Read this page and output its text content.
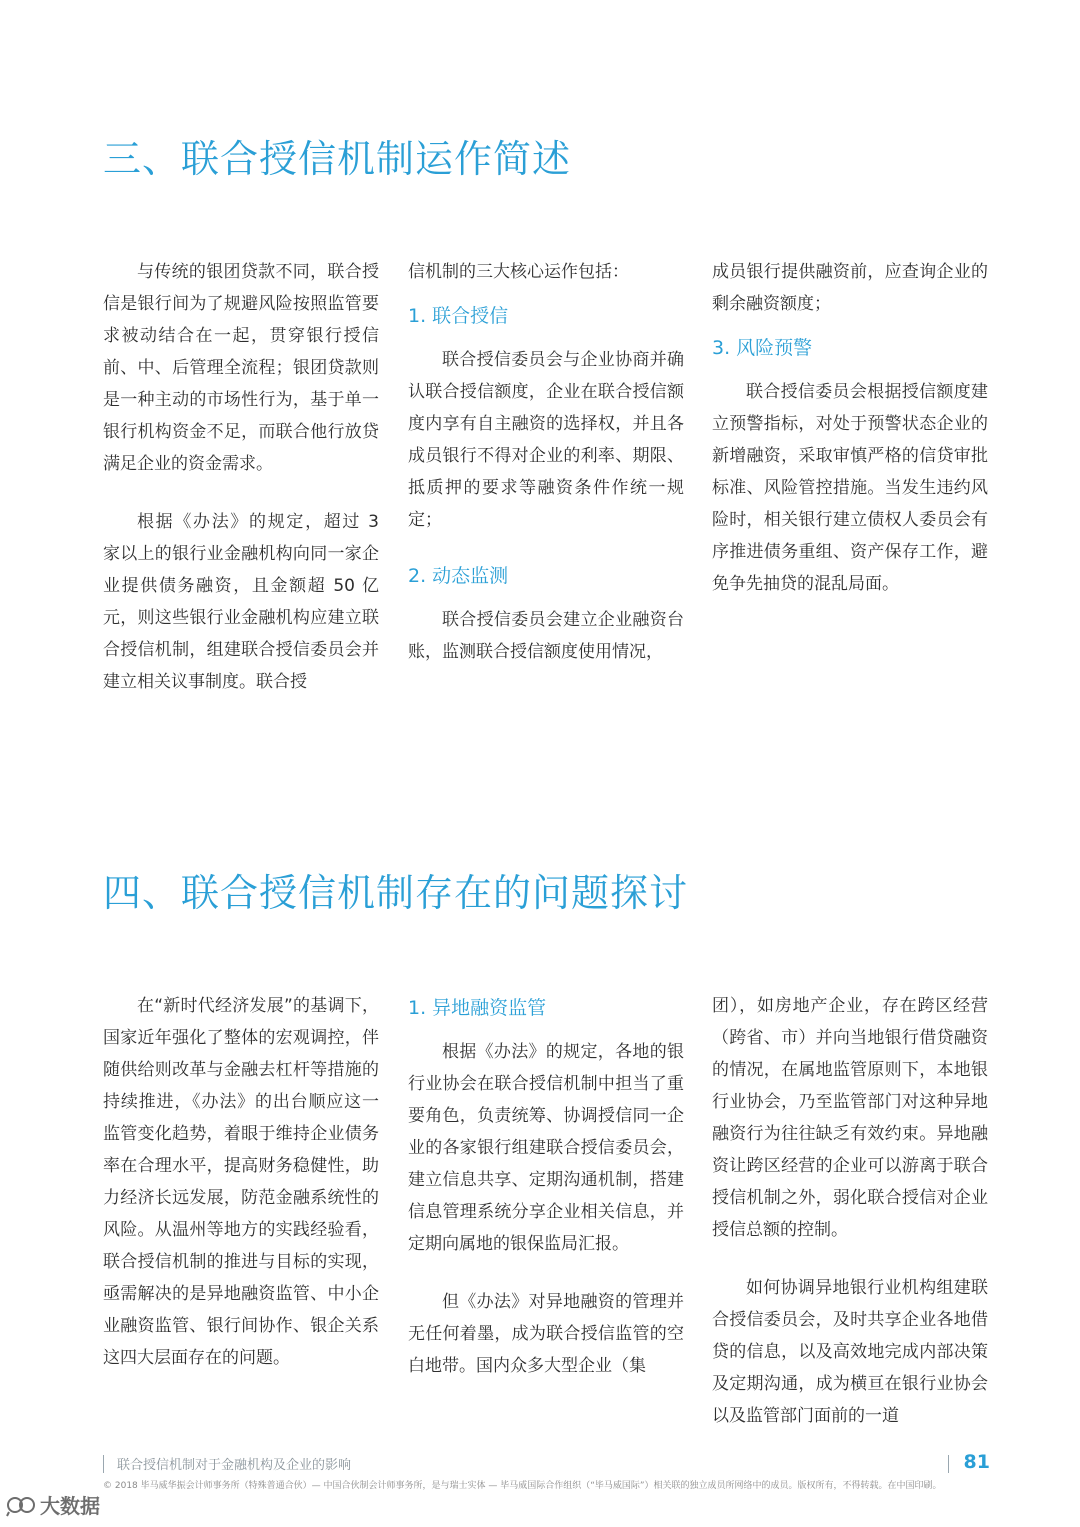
三、联合授信机制运作简述

与传统的银团贷款不同，联合授信是银行间为了规避风险按照监管要求被动结合在一起，贯穿银行授信前、中、后管理全流程；银团贷款则是一种主动的市场性行为，基于单一银行机构资金不足，而联合他行放贷满足企业的资金需求。

根据《办法》的规定，超过 3 家以上的银行业金融机构向同一家企业提供债务融资，且金额超 50 亿元，则这些银行业金融机构应建立联合授信机制，组建联合授信委员会并建立相关议事制度。联合授

信机制的三大核心运作包括：

1. 联合授信

联合授信委员会与企业协商并确认联合授信额度，企业在联合授信额度内享有自主融资的选择权，并且各成员银行不得对企业的利率、期限、抵质押的要求等融资条件作统一规定；

2. 动态监测

联合授信委员会建立企业融资台账，监测联合授信额度使用情况，

成员银行提供融资前，应查询企业的剩余融资额度；

3. 风险预警

联合授信委员会根据授信额度建立预警指标，对处于预警状态企业的新增融资，采取审慎严格的信贷审批标准、风险管控措施。当发生违约风险时，相关银行建立债权人委员会有序推进债务重组、资产保存工作，避免争先抽贷的混乱局面。

四、联合授信机制存在的问题探讨

在“新时代经济发展”的基调下，国家近年强化了整体的宏观调控，伴随供给则改革与金融去杠杆等措施的持续推进，《办法》的出台顺应这一监管变化趋势，着眼于维持企业债务率在合理水平，提高财务稳健性，助力经济长远发展，防范金融系统性的风险。从温州等地方的实践经验看，联合授信机制的推进与目标的实现，亟需解决的是异地融资监管、中小企业融资监管、银行间协作、银企关系这四大层面存在的问题。

1. 异地融资监管

根据《办法》的规定，各地的银行业协会在联合授信机制中担当了重要角色，负责统筹、协调授信同一企业的各家银行组建联合授信委员会，建立信息共享、定期沟通机制，搭建信息管理系统分享企业相关信息，并定期向属地的银保监局汇报。

但《办法》对异地融资的管理并无任何着墨，成为联合授信监管的空白地带。国内众多大型企业（集

团），如房地产企业，存在跨区经营（跨省、市）并向当地银行借贷融资的情况，在属地监管原则下，本地银行业协会，乃至监管部门对这种异地融资行为往往缺乏有效约束。异地融资让跨区经营的企业可以游离于联合授信机制之外，弱化联合授信对企业授信总额的控制。

如何协调异地银行业机构组建联合授信委员会，及时共享企业各地借贷的信息，以及高效地完成内部决策及定期沟通，成为横亘在银行业协会以及监管部门面前的一道

联合授信机制对于金融机构及企业的影响	81
© 2018 毕马威华振会计师事务所（特殊普通合伙）— 中国合伙制会计师事务所，是与瑞士实体 — 毕马威国际合作组织（“毕马威国际”）相关联的独立成员所网络中的成员。版权所有，不得转载。在中国印刷。
大数据
